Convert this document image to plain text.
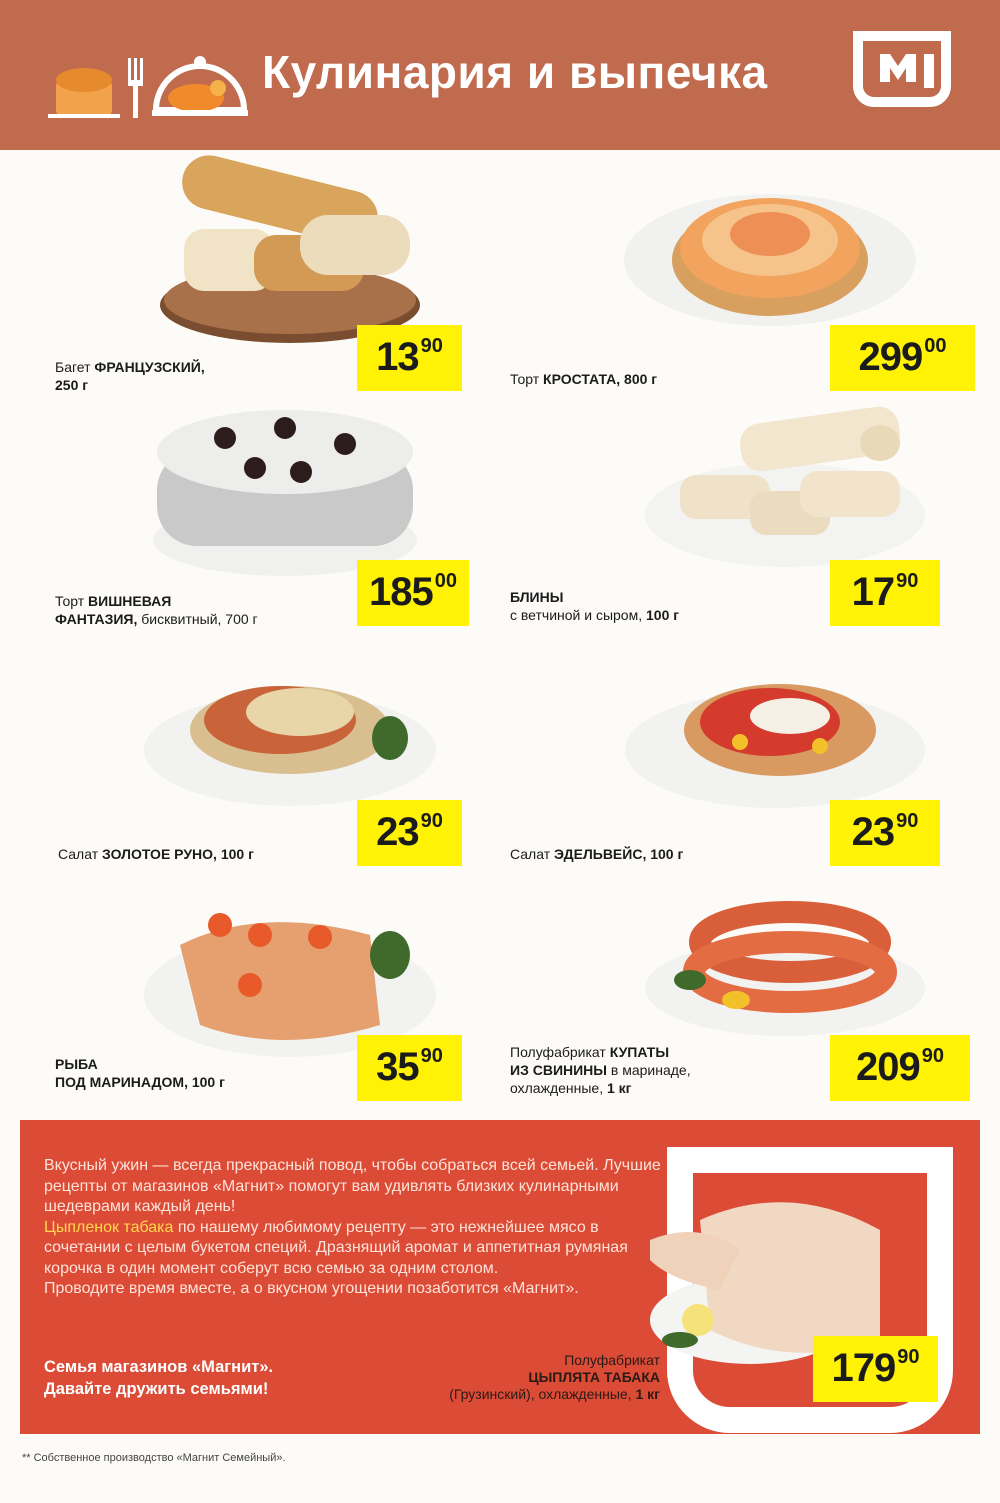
Кулинария и выпечка
Багет ФРАНЦУЗСКИЙ,
250 г
13 90
Торт КРОСТАТА, 800 г	299 00
Торт ВИШНЕВАЯ
ФАНТАЗИЯ, бисквитный, 700 г
185 00
БЛИНЫ
с ветчиной и сыром, 100 г
17 90
Салат ЗОЛОТОЕ РУНО, 100 г	23 90
Салат ЭДЕЛЬВЕЙС, 100 г	23 90
РЫБА
ПОД МАРИНАДОМ, 100 г	35 90	Полуфабрикат КУПАТЫ
ИЗ СВИНИНЫ в маринаде,
охлажденные, 1 кг	209 90
Вкусный ужин — всегда прекрасный повод, чтобы собраться всей семьей. Лучшие рецепты от магазинов «Магнит» помогут вам удивлять близких кулинарными шедеврами каждый день!
Цыпленок табака по нашему любимому рецепту — это нежнейшее мясо в сочетании с целым букетом специй. Дразнящий аромат и аппетитная румяная корочка в один момент соберут всю семью за одним столом.
Проводите время вместе, а о вкусном угощении позаботится «Магнит».
Семья магазинов «Магнит».
Давайте дружить семьями!
Полуфабрикат
ЦЫПЛЯТА ТАБАКА
(Грузинский), охлажденные, 1 кг
179 90
** Собственное производство «Магнит Семейный».
